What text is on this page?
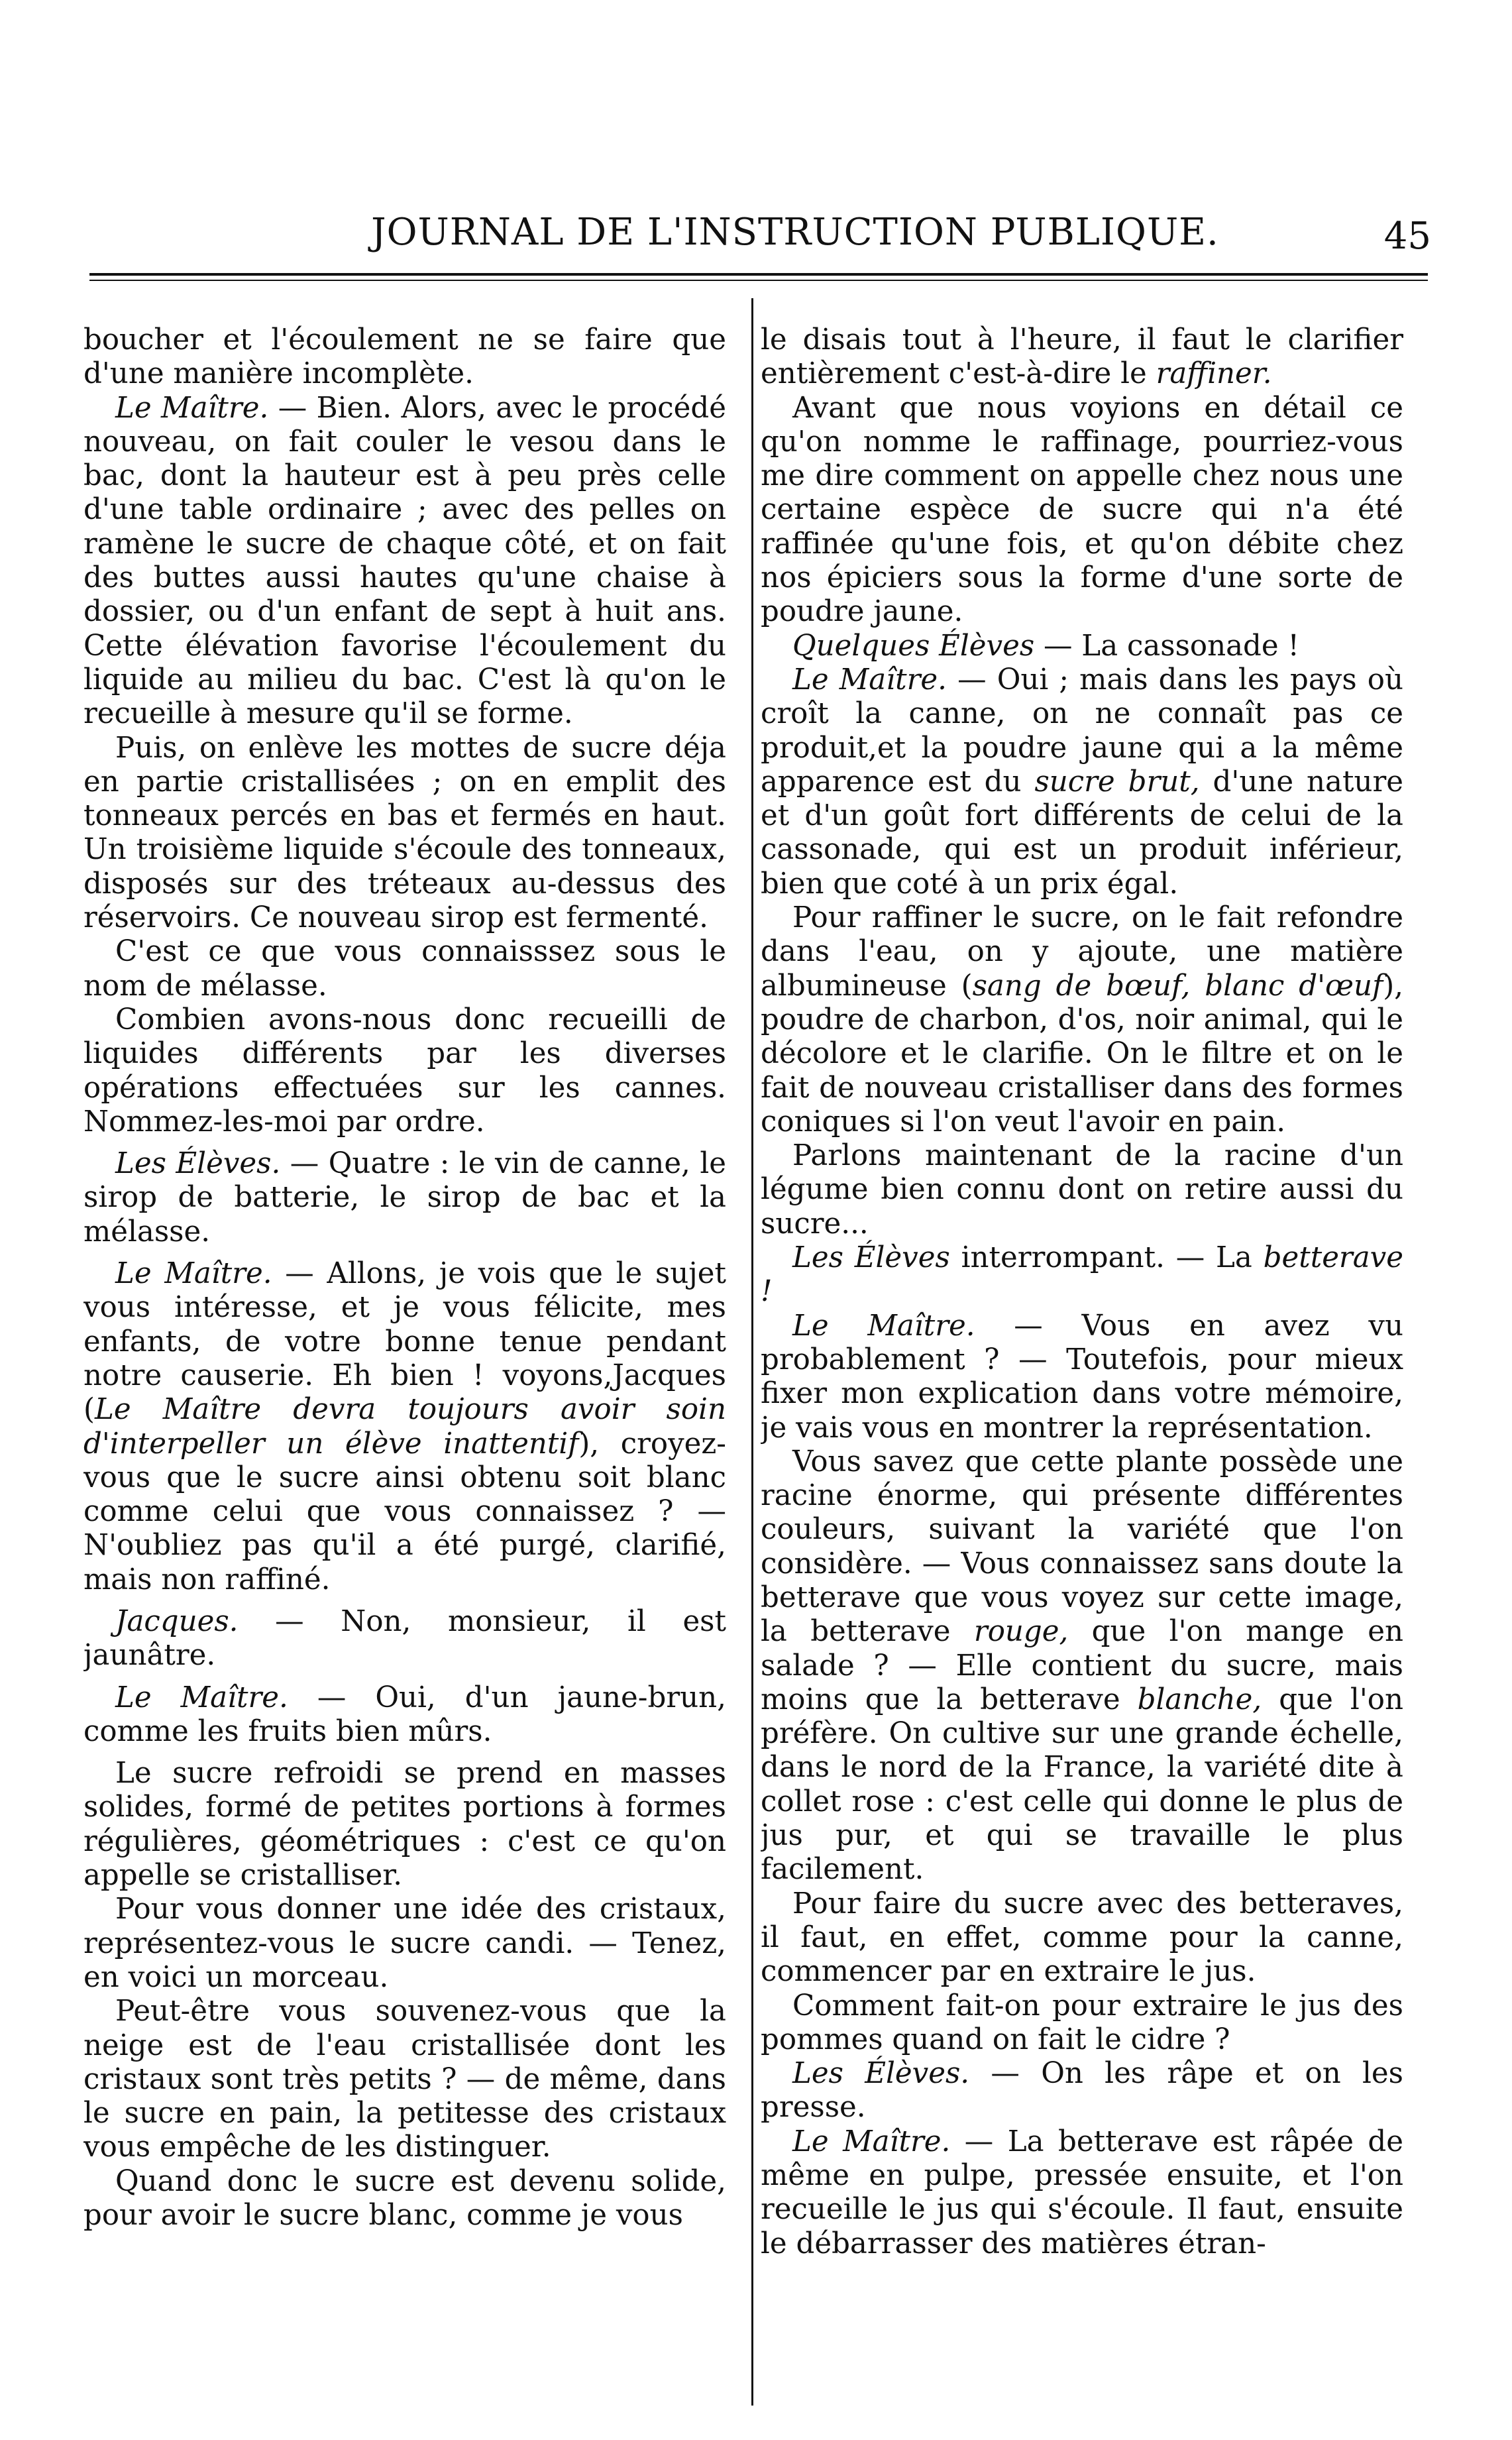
JOURNAL DE L'INSTRUCTION PUBLIQUE.	45

boucher et l'écoulement ne se faire que d'une manière incomplète.

Le Maître. — Bien. Alors, avec le procédé nouveau, on fait couler le vesou dans le bac, dont la hauteur est à peu près celle d'une table ordinaire ; avec des pelles on ramène le sucre de chaque côté, et on fait des buttes aussi hautes qu'une chaise à dossier, ou d'un enfant de sept à huit ans. Cette élévation favorise l'écoulement du liquide au milieu du bac. C'est là qu'on le recueille à mesure qu'il se forme.

Puis, on enlève les mottes de sucre déja en partie cristallisées ; on en emplit des tonneaux percés en bas et fermés en haut. Un troisième liquide s'écoule des tonneaux, disposés sur des tréteaux au-dessus des réservoirs. Ce nouveau sirop est fermenté.

C'est ce que vous connaisssez sous le nom de mélasse.

Combien avons-nous donc recueilli de liquides différents par les diverses opérations effectuées sur les cannes. Nommez-les-moi par ordre.

Les Élèves. — Quatre : le vin de canne, le sirop de batterie, le sirop de bac et la mélasse.

Le Maître. — Allons, je vois que le sujet vous intéresse, et je vous félicite, mes enfants, de votre bonne tenue pendant notre causerie. Eh bien ! voyons,Jacques (Le Maître devra toujours avoir soin d'interpeller un élève inattentif), croyez-vous que le sucre ainsi obtenu soit blanc comme celui que vous connaissez ? — N'oubliez pas qu'il a été purgé, clarifié, mais non raffiné.

Jacques. — Non, monsieur, il est jaunâtre.

Le Maître. — Oui, d'un jaune-brun, comme les fruits bien mûrs.

Le sucre refroidi se prend en masses solides, formé de petites portions à formes régulières, géométriques : c'est ce qu'on appelle se cristalliser.

Pour vous donner une idée des cristaux, représentez-vous le sucre candi. — Tenez, en voici un morceau.

Peut-être vous souvenez-vous que la neige est de l'eau cristallisée dont les cristaux sont très petits ? — de même, dans le sucre en pain, la petitesse des cristaux vous empêche de les distinguer.

Quand donc le sucre est devenu solide, pour avoir le sucre blanc, comme je vous

le disais tout à l'heure, il faut le clarifier entièrement c'est-à-dire le raffiner.

Avant que nous voyions en détail ce qu'on nomme le raffinage, pourriez-vous me dire comment on appelle chez nous une certaine espèce de sucre qui n'a été raffinée qu'une fois, et qu'on débite chez nos épiciers sous la forme d'une sorte de poudre jaune.

Quelques Élèves — La cassonade !

Le Maître. — Oui ; mais dans les pays où croît la canne, on ne connaît pas ce produit,et la poudre jaune qui a la même apparence est du sucre brut, d'une nature et d'un goût fort différents de celui de la cassonade, qui est un produit inférieur, bien que coté à un prix égal.

Pour raffiner le sucre, on le fait refondre dans l'eau, on y ajoute, une matière albumineuse (sang de bœuf, blanc d'œuf), poudre de charbon, d'os, noir animal, qui le décolore et le clarifie. On le filtre et on le fait de nouveau cristalliser dans des formes coniques si l'on veut l'avoir en pain.

Parlons maintenant de la racine d'un légume bien connu dont on retire aussi du sucre...

Les Élèves interrompant. — La betterave !

Le Maître. — Vous en avez vu probablement ? — Toutefois, pour mieux fixer mon explication dans votre mémoire, je vais vous en montrer la représentation.

Vous savez que cette plante possède une racine énorme, qui présente différentes couleurs, suivant la variété que l'on considère. — Vous connaissez sans doute la betterave que vous voyez sur cette image, la betterave rouge, que l'on mange en salade ? — Elle contient du sucre, mais moins que la betterave blanche, que l'on préfère. On cultive sur une grande échelle, dans le nord de la France, la variété dite à collet rose : c'est celle qui donne le plus de jus pur, et qui se travaille le plus facilement.

Pour faire du sucre avec des betteraves, il faut, en effet, comme pour la canne, commencer par en extraire le jus.

Comment fait-on pour extraire le jus des pommes quand on fait le cidre ?

Les Élèves. — On les râpe et on les presse.

Le Maître. — La betterave est râpée de même en pulpe, pressée ensuite, et l'on recueille le jus qui s'écoule. Il faut, ensuite le débarrasser des matières étran-
